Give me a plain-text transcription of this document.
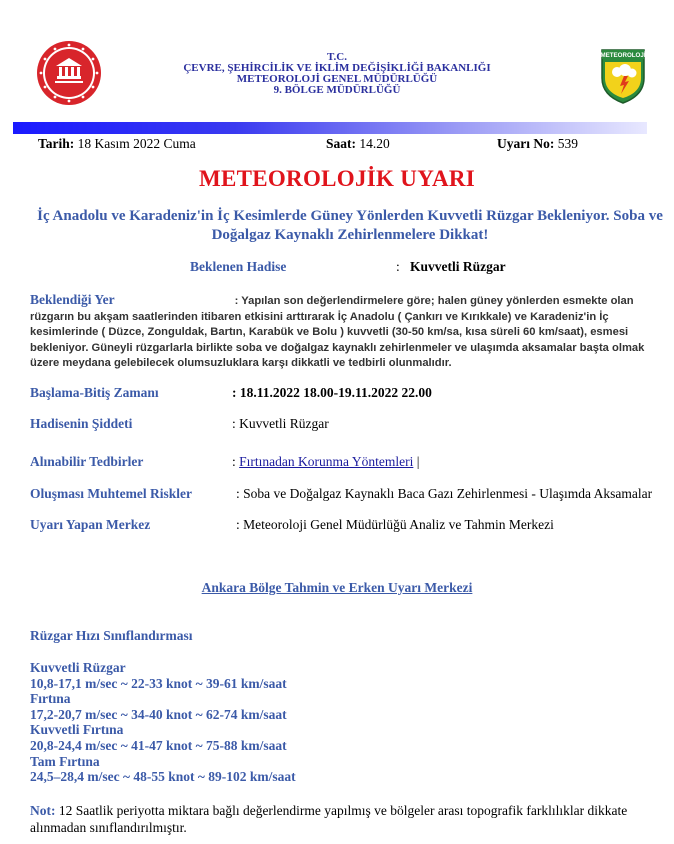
METEOROLOJİ
T.C.
ÇEVRE, ŞEHİRCİLİK VE İKLİM DEĞİŞİKLİĞİ BAKANLIĞI
METEOROLOJİ GENEL MÜDÜRLÜĞÜ
9. BÖLGE MÜDÜRLÜĞÜ
Tarih: 18 Kasım 2022 Cuma	Saat: 14.20	Uyarı No: 539
METEOROLOJİK UYARI
İç Anadolu ve Karadeniz'in İç Kesimlerde Güney Yönlerden Kuvvetli Rüzgar Bekleniyor. Soba ve Doğalgaz Kaynaklı Zehirlenmelere Dikkat!
Beklenen Hadise	: Kuvvetli Rüzgar
Beklendiği Yer	: Yapılan son değerlendirmelere göre; halen güney yönlerden esmekte olan rüzgarın bu akşam saatlerinden itibaren etkisini arttırarak İç Anadolu ( Çankırı ve Kırıkkale) ve Karadeniz'in İç kesimlerinde ( Düzce, Zonguldak, Bartın, Karabük ve Bolu ) kuvvetli (30-50 km/sa, kısa süreli 60 km/saat), esmesi bekleniyor. Güneyli rüzgarlarla birlikte soba ve doğalgaz kaynaklı zehirlenmeler ve ulaşımda aksamalar başta olmak üzere meydana gelebilecek olumsuzluklara karşı dikkatli ve tedbirli olunmalıdır.
Başlama-Bitiş Zamanı	: 18.11.2022 18.00-19.11.2022 22.00
Hadisenin Şiddeti	: Kuvvetli Rüzgar
Alınabilir Tedbirler	: Fırtınadan Korunma Yöntemleri |
Oluşması Muhtemel Riskler	: Soba ve Doğalgaz Kaynaklı Baca Gazı Zehirlenmesi - Ulaşımda Aksamalar
Uyarı Yapan Merkez	: Meteoroloji Genel Müdürlüğü Analiz ve Tahmin Merkezi
Ankara Bölge Tahmin ve Erken Uyarı Merkezi
Rüzgar Hızı Sınıflandırması
Kuvvetli Rüzgar
10,8-17,1 m/sec ~ 22-33 knot ~ 39-61 km/saat
Fırtına
17,2-20,7 m/sec ~ 34-40 knot ~ 62-74 km/saat
Kuvvetli Fırtına
20,8-24,4 m/sec ~ 41-47 knot ~ 75-88 km/saat
Tam Fırtına
24,5–28,4 m/sec ~ 48-55 knot ~ 89-102 km/saat
Not: 12 Saatlik periyotta miktara bağlı değerlendirme yapılmış ve bölgeler arası topografik farklılıklar dikkate alınmadan sınıflandırılmıştır.
